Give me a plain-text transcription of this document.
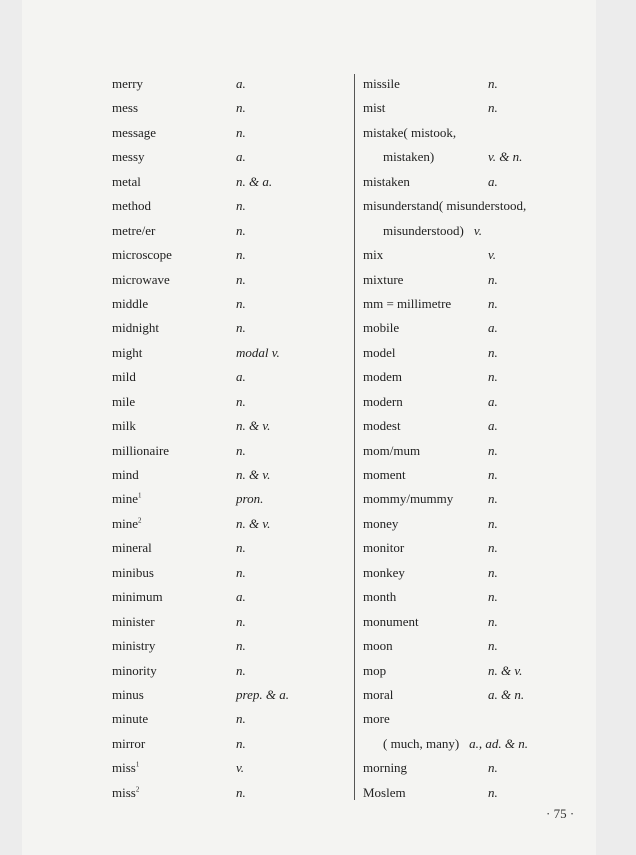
merry	a.
mess	n.
message	n.
messy	a.
metal	n. & a.
method	n.
metre/er	n.
microscope	n.
microwave	n.
middle	n.
midnight	n.
might	modal v.
mild	a.
mile	n.
milk	n. & v.
millionaire	n.
mind	n. & v.
mine$^1$	pron.
mine$^2$	n. & v.
mineral	n.
minibus	n.
minimum	a.
minister	n.
ministry	n.
minority	n.
minus	prep. & a.
minute	n.
mirror	n.
miss$^1$	v.
miss$^2$	n.
missile	n.
mist	n.
mistake( mistook,
mistaken)	v. & n.
mistaken	a.
misunderstand( misunderstood,
misunderstood) v.
mix	v.
mixture	n.
mm = millimetre	n.
mobile	a.
model	n.
modem	n.
modern	a.
modest	a.
mom/mum	n.
moment	n.
mommy/mummy	n.
money	n.
monitor	n.
monkey	n.
month	n.
monument	n.
moon	n.
mop	n. & v.
moral	a. & n.
more
( much, many) a., ad. & n.
morning	n.
Moslem	n.
· 75 ·
